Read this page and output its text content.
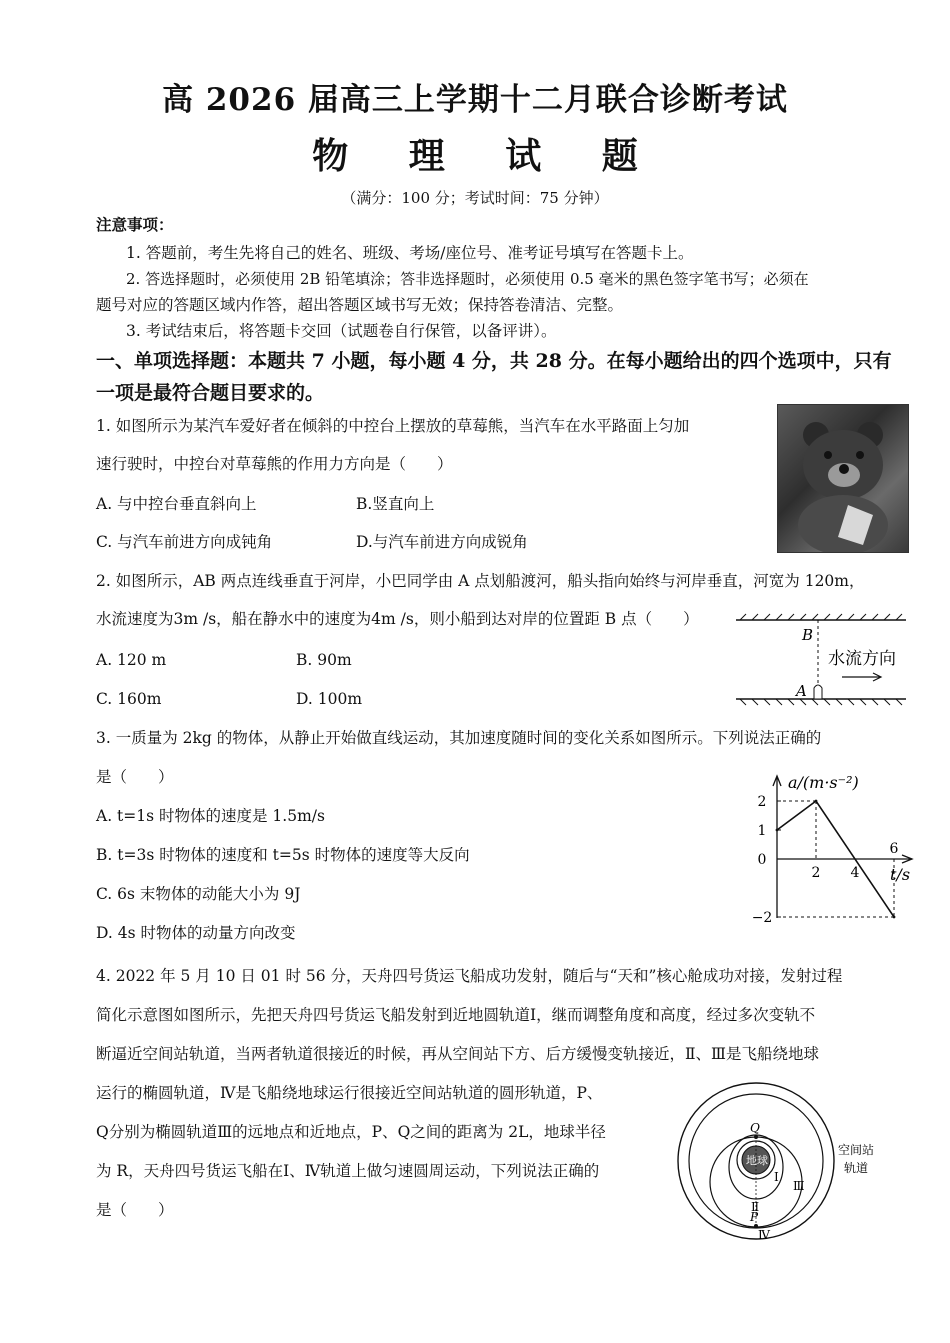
高 2026 届高三上学期十二月联合诊断考试
物 理 试 题
（满分：100 分；考试时间：75 分钟）
注意事项：
1. 答题前，考生先将自己的姓名、班级、考场/座位号、准考证号填写在答题卡上。
2. 答选择题时，必须使用 2B 铅笔填涂；答非选择题时，必须使用 0.5 毫米的黑色签字笔书写；必须在
题号对应的答题区域内作答，超出答题区域书写无效；保持答卷清洁、完整。
3. 考试结束后，将答题卡交回（试题卷自行保管，以备评讲）。
一、单项选择题：本题共 7 小题，每小题 4 分，共 28 分。在每小题给出的四个选项中，只有
一项是最符合题目要求的。
1. 如图所示为某汽车爱好者在倾斜的中控台上摆放的草莓熊，当汽车在水平路面上匀加
速行驶时，中控台对草莓熊的作用力方向是（　　）
A. 与中控台垂直斜向上	B.竖直向上
C. 与汽车前进方向成钝角	D.与汽车前进方向成锐角
2. 如图所示，AB 两点连线垂直于河岸，小巴同学由 A 点划船渡河，船头指向始终与河岸垂直，河宽为 120m，
水流速度为3m /s，船在静水中的速度为4m /s，则小船到达对岸的位置距 B 点（　　）
A. 120 m	B. 90m
C. 160m	D. 100m
B
A
水流方向
3. 一质量为 2kg 的物体，从静止开始做直线运动，其加速度随时间的变化关系如图所示。下列说法正确的
是（　　）
A. t=1s 时物体的速度是 1.5m/s
B. t=3s 时物体的速度和 t=5s 时物体的速度等大反向
C. 6s 末物体的动能大小为 9J
D. 4s 时物体的动量方向改变
a/(m·s⁻²)
t/s
2
1
0
−2
2 4
6
4. 2022 年 5 月 10 日 01 时 56 分，天舟四号货运飞船成功发射，随后与“天和”核心舱成功对接，发射过程
简化示意图如图所示，先把天舟四号货运飞船发射到近地圆轨道Ⅰ，继而调整角度和高度，经过多次变轨不
断逼近空间站轨道，当两者轨道很接近的时候，再从空间站下方、后方缓慢变轨接近，Ⅱ、Ⅲ是飞船绕地球
运行的椭圆轨道，Ⅳ是飞船绕地球运行很接近空间站轨道的圆形轨道，P、
Q分别为椭圆轨道Ⅲ的远地点和近地点，P、Q之间的距离为 2L，地球半径
为 R，天舟四号货运飞船在Ⅰ、Ⅳ轨道上做匀速圆周运动，下列说法正确的
是（　　）
地球
Q
P
I
Ⅱ
Ⅲ
Ⅳ
空间站
轨道
